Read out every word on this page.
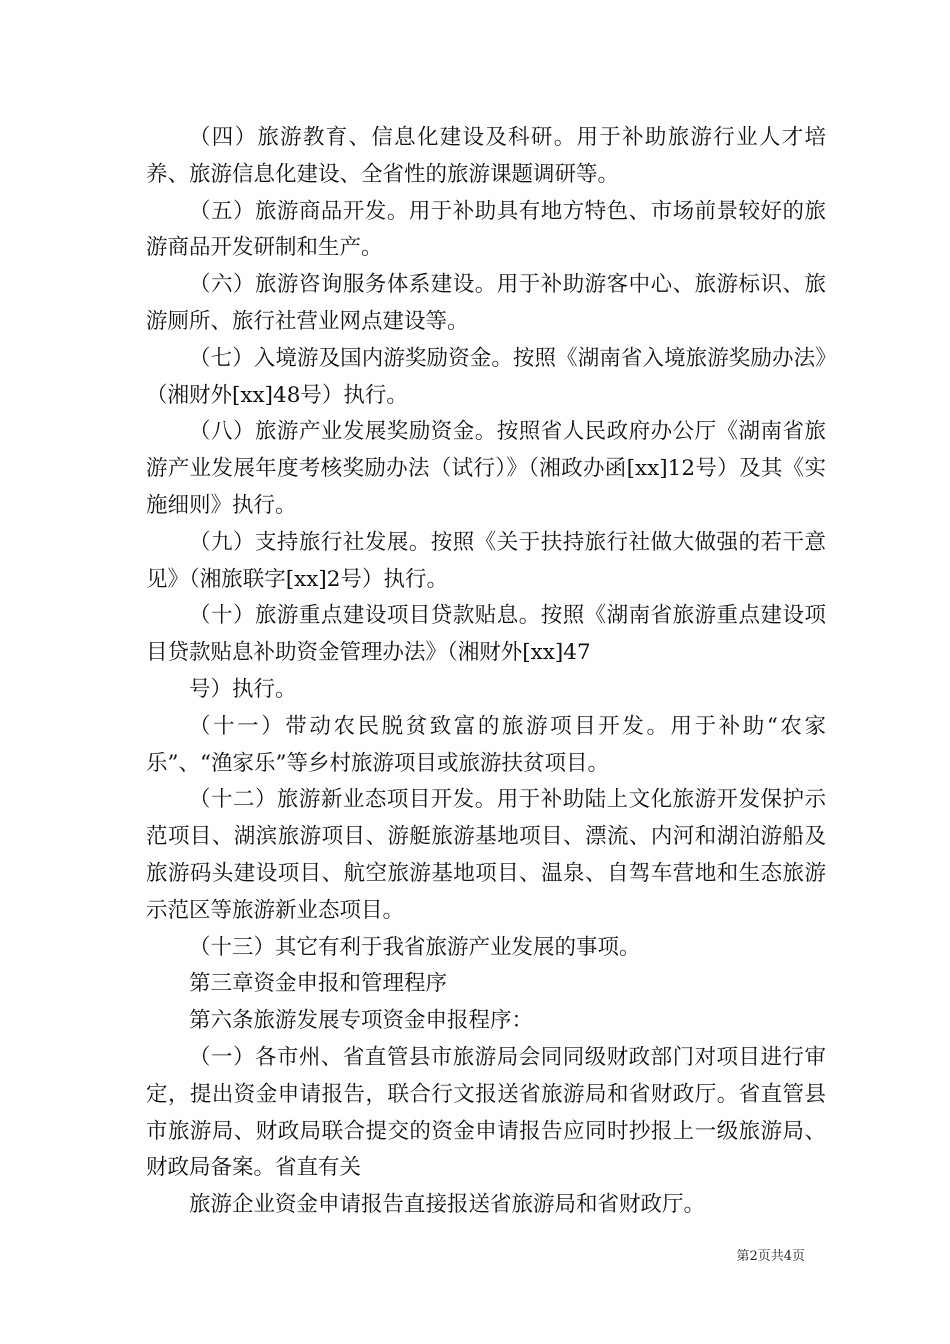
（四）旅游教育、信息化建设及科研。用于补助旅游行业人才培养、旅游信息化建设、全省性的旅游课题调研等。

（五）旅游商品开发。用于补助具有地方特色、市场前景较好的旅游商品开发研制和生产。

（六）旅游咨询服务体系建设。用于补助游客中心、旅游标识、旅游厕所、旅行社营业网点建设等。

（七）入境游及国内游奖励资金。按照《湖南省入境旅游奖励办法》（湘财外[xx]48号）执行。

（八）旅游产业发展奖励资金。按照省人民政府办公厅《湖南省旅游产业发展年度考核奖励办法（试行）》（湘政办函[xx]12号）及其《实施细则》执行。

（九）支持旅行社发展。按照《关于扶持旅行社做大做强的若干意见》（湘旅联字[xx]2号）执行。

（十）旅游重点建设项目贷款贴息。按照《湖南省旅游重点建设项目贷款贴息补助资金管理办法》（湘财外[xx]47

号）执行。

（十一）带动农民脱贫致富的旅游项目开发。用于补助“农家乐”、“渔家乐”等乡村旅游项目或旅游扶贫项目。

（十二）旅游新业态项目开发。用于补助陆上文化旅游开发保护示范项目、湖滨旅游项目、游艇旅游基地项目、漂流、内河和湖泊游船及旅游码头建设项目、航空旅游基地项目、温泉、自驾车营地和生态旅游示范区等旅游新业态项目。

（十三）其它有利于我省旅游产业发展的事项。

第三章资金申报和管理程序

第六条旅游发展专项资金申报程序：

（一）各市州、省直管县市旅游局会同同级财政部门对项目进行审定，提出资金申请报告，联合行文报送省旅游局和省财政厅。省直管县市旅游局、财政局联合提交的资金申请报告应同时抄报上一级旅游局、财政局备案。省直有关

旅游企业资金申请报告直接报送省旅游局和省财政厅。

第2页共4页
